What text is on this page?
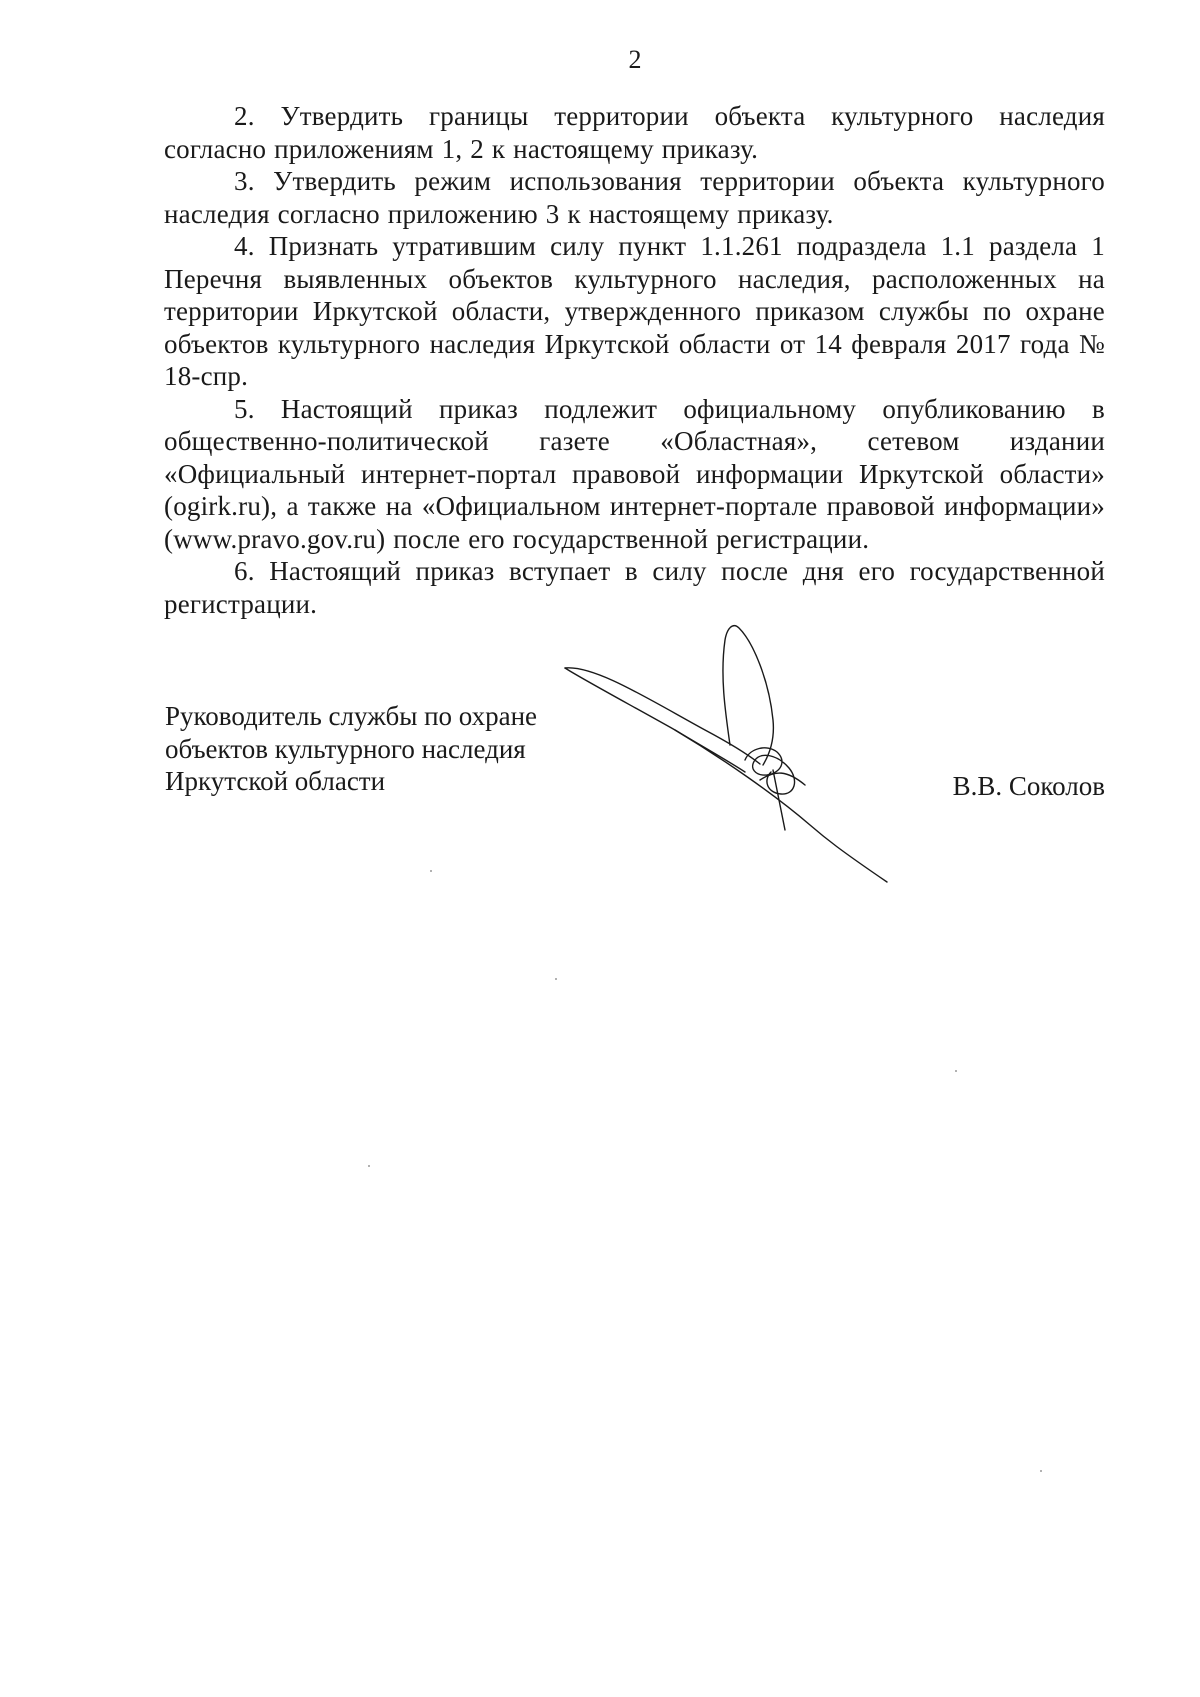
2

2. Утвердить границы территории объекта культурного наследия согласно приложениям 1, 2 к настоящему приказу.

3. Утвердить режим использования территории объекта культурного наследия согласно приложению 3 к настоящему приказу.

4. Признать утратившим силу пункт 1.1.261 подраздела 1.1 раздела 1 Перечня выявленных объектов культурного наследия, расположенных на территории Иркутской области, утвержденного приказом службы по охране объектов культурного наследия Иркутской области от 14 февраля 2017 года № 18-спр.

5. Настоящий приказ подлежит официальному опубликованию в общественно-политической газете «Областная», сетевом издании «Официальный интернет-портал правовой информации Иркутской области» (ogirk.ru), а также на «Официальном интернет-портале правовой информации» (www.pravo.gov.ru) после его государственной регистрации.

6. Настоящий приказ вступает в силу после дня его государственной регистрации.

Руководитель службы по охране
объектов культурного наследия
Иркутской области	В.В. Соколов
